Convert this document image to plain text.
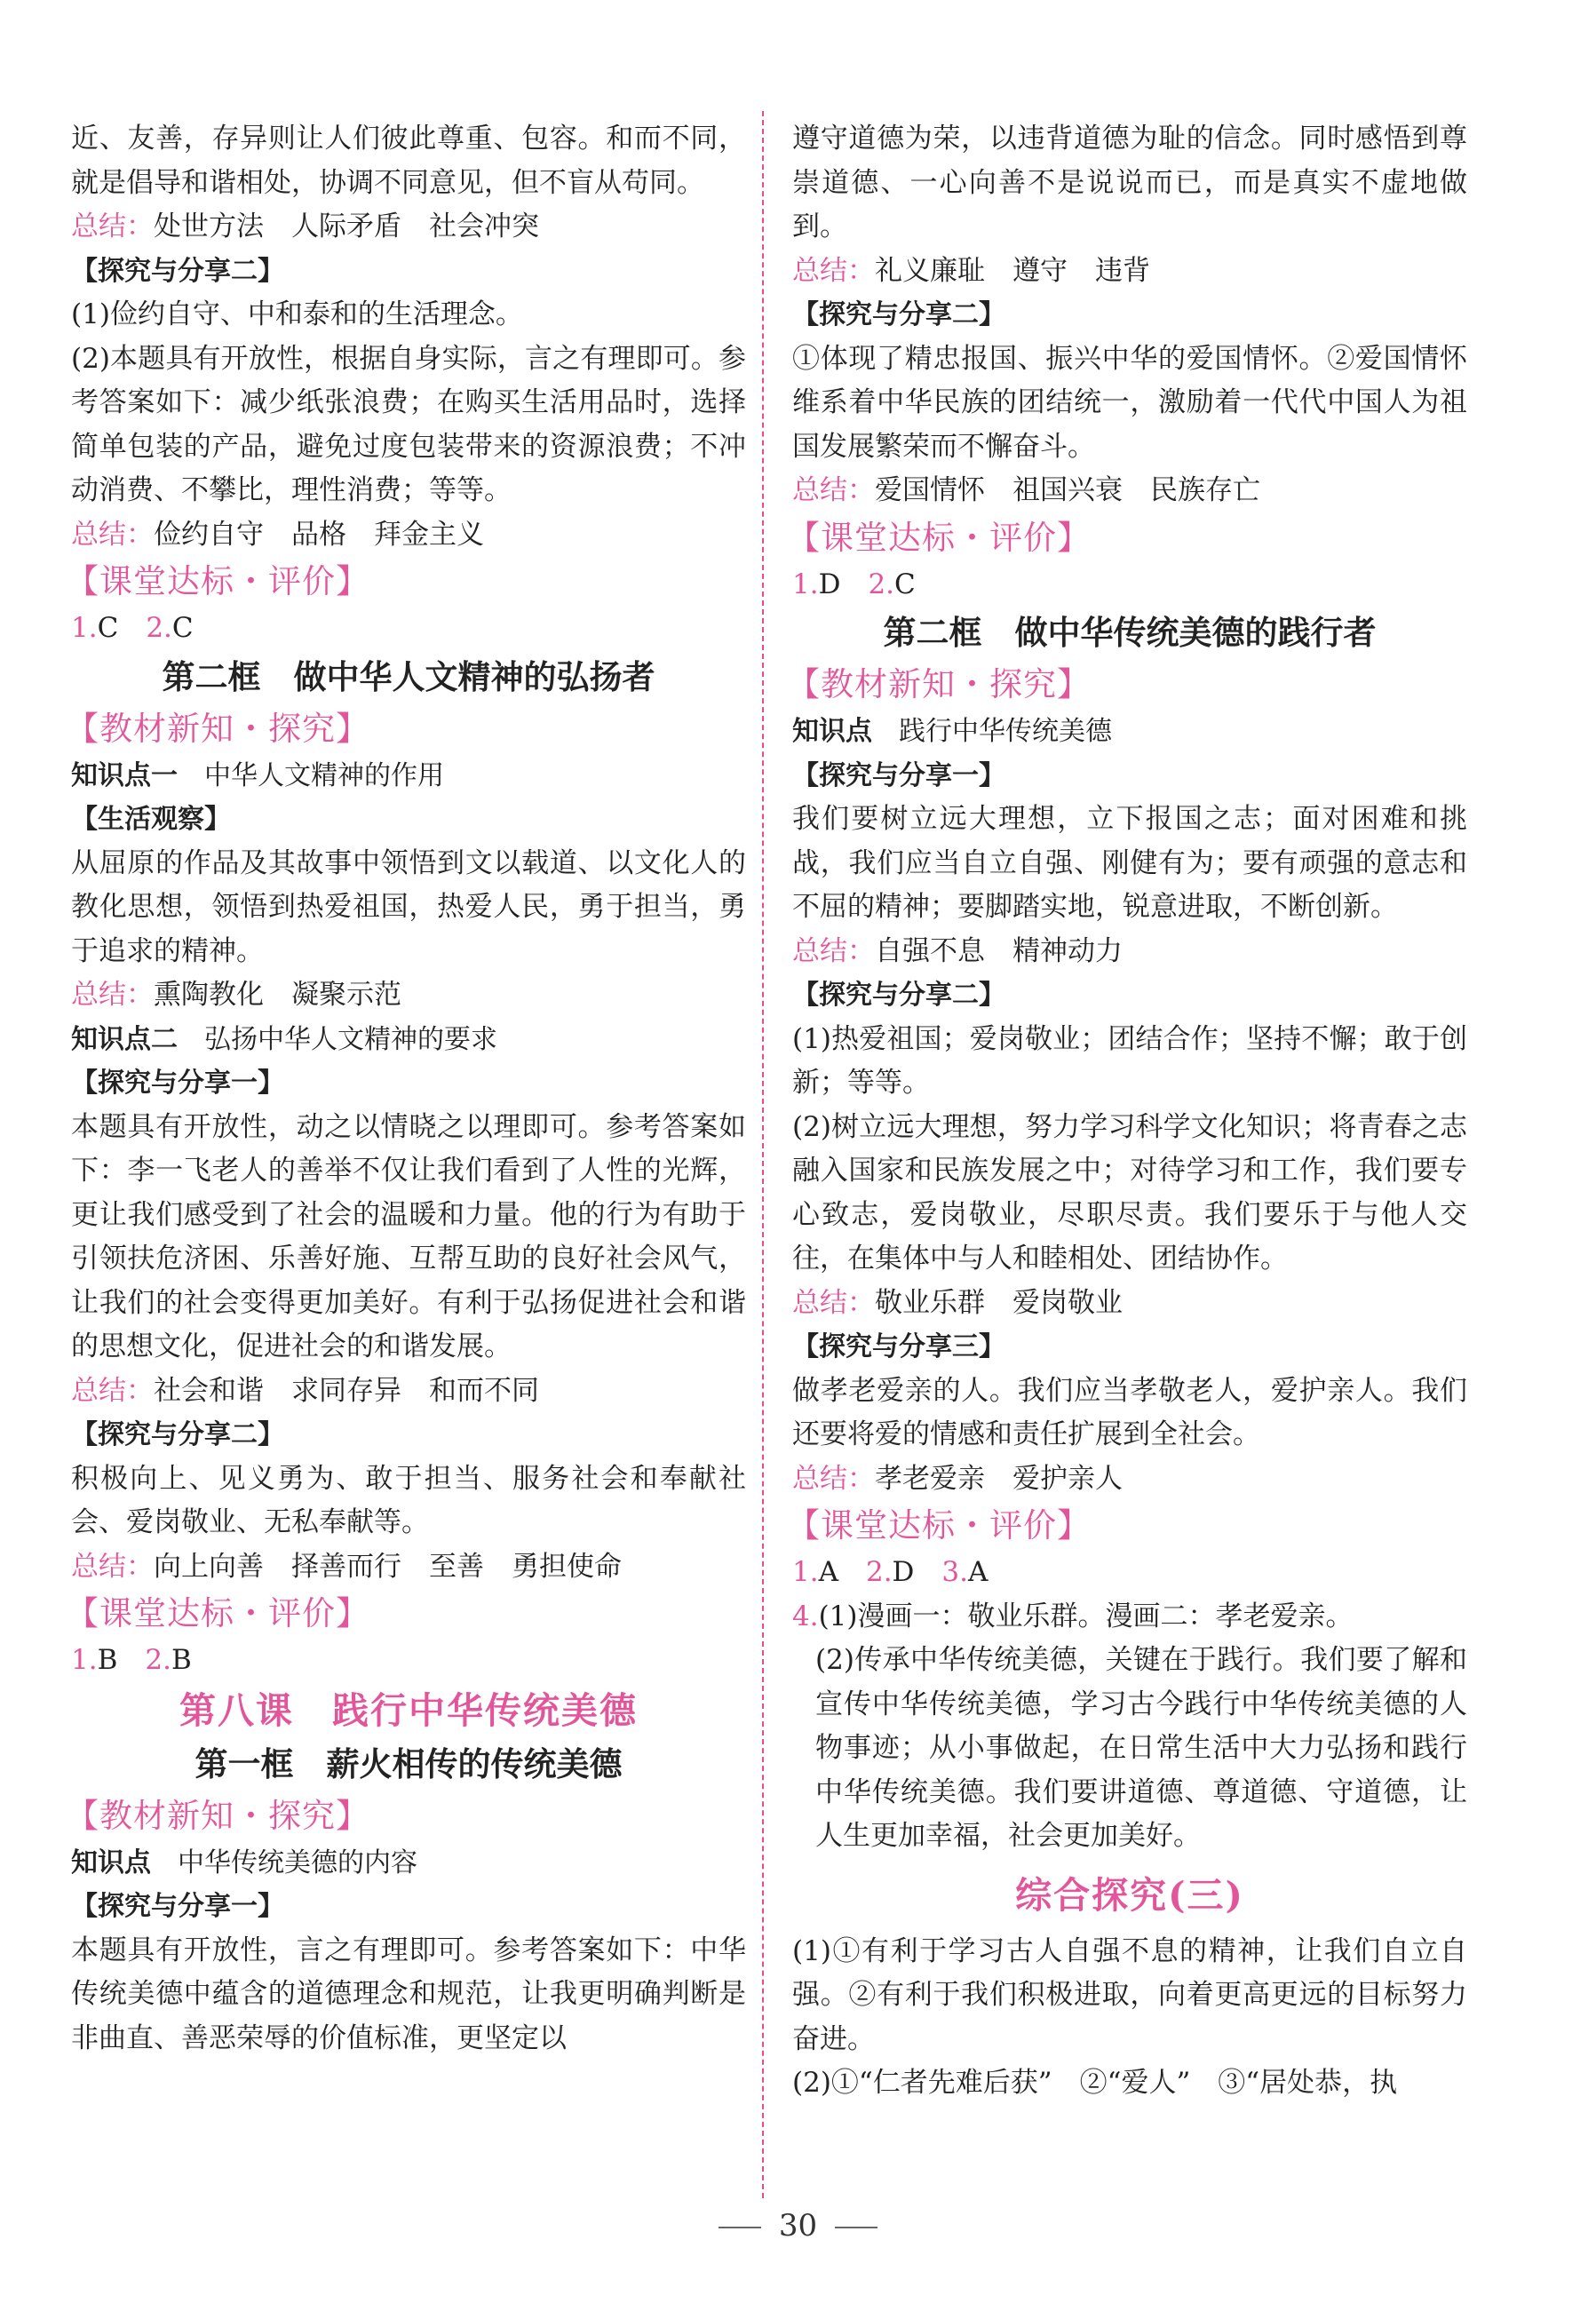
近、友善，存异则让人们彼此尊重、包容。和而不同，就是倡导和谐相处，协调不同意见，但不盲从苟同。

总结：处世方法　人际矛盾　社会冲突
【探究与分享二】

(1)俭约自守、中和泰和的生活理念。

(2)本题具有开放性，根据自身实际，言之有理即可。参考答案如下：减少纸张浪费；在购买生活用品时，选择简单包装的产品，避免过度包装带来的资源浪费；不冲动消费、不攀比，理性消费；等等。

总结：俭约自守　品格　拜金主义
【课堂达标・评价】
1.C　 2.C
第二框　做中华人文精神的弘扬者
【教材新知・探究】
知识点一　 中华人文精神的作用
【生活观察】

从屈原的作品及其故事中领悟到文以载道、以文化人的教化思想，领悟到热爱祖国，热爱人民，勇于担当，勇于追求的精神。

总结：熏陶教化　凝聚示范
知识点二　 弘扬中华人文精神的要求
【探究与分享一】

本题具有开放性，动之以情晓之以理即可。参考答案如下：李一飞老人的善举不仅让我们看到了人性的光辉，更让我们感受到了社会的温暖和力量。他的行为有助于引领扶危济困、乐善好施、互帮互助的良好社会风气，让我们的社会变得更加美好。有利于弘扬促进社会和谐的思想文化，促进社会的和谐发展。

总结：社会和谐　求同存异　和而不同
【探究与分享二】

积极向上、见义勇为、敢于担当、服务社会和奉献社会、爱岗敬业、无私奉献等。

总结：向上向善　择善而行　至善　勇担使命
【课堂达标・评价】
1.B　 2.B
第八课　践行中华传统美德
第一框　薪火相传的传统美德
【教材新知・探究】
知识点　 中华传统美德的内容
【探究与分享一】

本题具有开放性，言之有理即可。参考答案如下：中华传统美德中蕴含的道德理念和规范，让我更明确判断是非曲直、善恶荣辱的价值标准，更坚定以

遵守道德为荣，以违背道德为耻的信念。同时感悟到尊崇道德、一心向善不是说说而已，而是真实不虚地做到。

总结：礼义廉耻　遵守　违背
【探究与分享二】

①体现了精忠报国、振兴中华的爱国情怀。②爱国情怀维系着中华民族的团结统一，激励着一代代中国人为祖国发展繁荣而不懈奋斗。

总结：爱国情怀　祖国兴衰　民族存亡
【课堂达标・评价】
1.D　 2.C
第二框　做中华传统美德的践行者
【教材新知・探究】
知识点　 践行中华传统美德
【探究与分享一】

我们要树立远大理想，立下报国之志；面对困难和挑战，我们应当自立自强、刚健有为；要有顽强的意志和不屈的精神；要脚踏实地，锐意进取，不断创新。

总结：自强不息　精神动力
【探究与分享二】

(1)热爱祖国；爱岗敬业；团结合作；坚持不懈；敢于创新；等等。

(2)树立远大理想，努力学习科学文化知识；将青春之志融入国家和民族发展之中；对待学习和工作，我们要专心致志，爱岗敬业，尽职尽责。我们要乐于与他人交往，在集体中与人和睦相处、团结协作。

总结：敬业乐群　爱岗敬业
【探究与分享三】

做孝老爱亲的人。我们应当孝敬老人，爱护亲人。我们还要将爱的情感和责任扩展到全社会。

总结：孝老爱亲　爱护亲人
【课堂达标・评价】
1.A　 2.D　 3.A
4.(1)漫画一：敬业乐群。漫画二：孝老爱亲。

(2)传承中华传统美德，关键在于践行。我们要了解和宣传中华传统美德，学习古今践行中华传统美德的人物事迹；从小事做起，在日常生活中大力弘扬和践行中华传统美德。我们要讲道德、尊道德、守道德，让人生更加幸福，社会更加美好。

综合探究(三)

(1)①有利于学习古人自强不息的精神，让我们自立自强。②有利于我们积极进取，向着更高更远的目标努力奋进。

(2)①“仁者先难后获”　②“爱人”　③“居处恭，执

30
